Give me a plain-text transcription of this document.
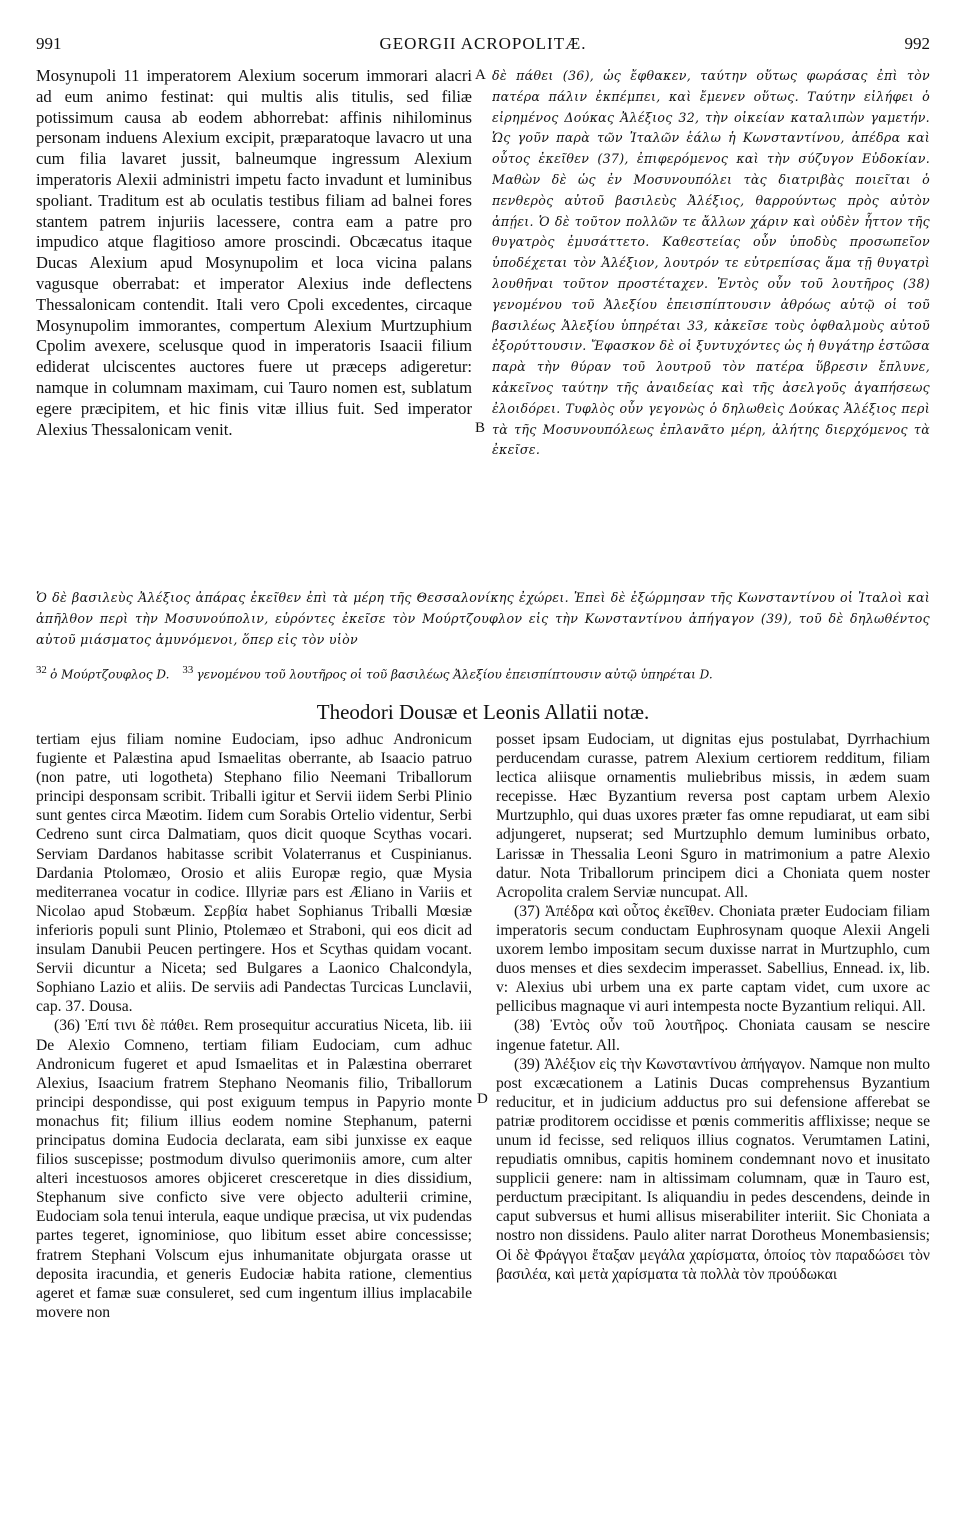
991	GEORGII ACROPOLITÆ.	992
Mosynupoli 11 imperatorem Alexium socerum immorari alacri ad eum animo festinat: qui multis alis titulis, sed filiæ potissimum causa ab eodem abhorrebat: affinis nihilominus personam induens Alexium excipit, præparatoque lavacro ut una cum filia lavaret jussit, balneumque ingressum Alexium imperatoris Alexii administri impetu facto invadunt et luminibus spoliant. Traditum est ab oculatis testibus filiam ad balnei fores stantem patrem injuriis lacessere, contra eam a patre pro impudico atque flagitioso amore proscindi. Obcæcatus itaque Ducas Alexium apud Mosynupolim et loca vicina palans vagusque oberrabat: et imperator Alexius inde deflectens Thessalonicam contendit. Itali vero Cpoli excedentes, circaque Mosynupolim immorantes, compertum Alexium Murtzuphium Cpolim avexere, scelusque quod in imperatoris Isaacii filium ediderat ulciscentes auctores fuere ut præceps adigeretur: namque in columnam maximam, cui Tauro nomen est, sublatum egere præcipitem, et hic finis vitæ illius fuit. Sed imperator Alexius Thessalonicam venit.
A
B
δὲ πάθει (36), ὡς ἔφθακεν, ταύτην οὕτως φωράσας ἐπὶ τὸν πατέρα πάλιν ἐκπέμπει, καὶ ἔμενεν οὕτως. Ταύτην εἰλήφει ὁ εἰρημένος Δούκας Ἀλέξιος 32, τὴν οἰκείαν καταλιπὼν γαμετήν. Ὡς γοῦν παρὰ τῶν Ἰταλῶν ἑάλω ἡ Κωνσταντίνου, ἀπέδρα καὶ οὗτος ἐκεῖθεν (37), ἐπιφερόμενος καὶ τὴν σύζυγον Εὐδοκίαν. Μαθὼν δὲ ὡς ἐν Μοσυνουπόλει τὰς διατριβὰς ποιεῖται ὁ πενθερὸς αὐτοῦ βασιλεὺς Ἀλέξιος, θαρρούντως πρὸς αὐτὸν ἀπῄει. Ὁ δὲ τοῦτον πολλῶν τε ἄλλων χάριν καὶ οὐδὲν ἧττον τῆς θυγατρὸς ἐμυσάττετο. Καθεστείας οὖν ὑποδὺς προσωπεῖον ὑποδέχεται τὸν Ἀλέξιον, λουτρόν τε εὐτρεπίσας ἅμα τῇ θυγατρὶ λουθῆναι τοῦτον προστέταχεν. Ἐντὸς οὖν τοῦ λουτῆρος (38) γενομένου τοῦ Ἀλεξίου ἐπεισπίπτουσιν ἀθρόως αὐτῷ οἱ τοῦ βασιλέως Ἀλεξίου ὑπηρέται 33, κἀκεῖσε τοὺς ὀφθαλμοὺς αὐτοῦ ἐξορύττουσιν. Ἔφασκον δὲ οἱ ξυντυχόντες ὡς ἡ θυγάτηρ ἑστῶσα παρὰ τὴν θύραν τοῦ λουτροῦ τὸν πατέρα ὕβρεσιν ἔπλυνε, κἀκεῖνος ταύτην τῆς ἀναιδείας καὶ τῆς ἀσελγοῦς ἀγαπήσεως ἐλοιδόρει. Τυφλὸς οὖν γεγονὼς ὁ δηλωθεὶς Δούκας Ἀλέξιος περὶ τὰ τῆς Μοσυνουπόλεως ἐπλανᾶτο μέρη, ἀλήτης διερχόμενος τὰ ἐκεῖσε.
Ὁ δὲ βασιλεὺς Ἀλέξιος ἀπάρας ἐκεῖθεν ἐπὶ τὰ μέρη τῆς Θεσσαλονίκης ἐχώρει. Ἐπεὶ δὲ ἐξώρμησαν τῆς Κωνσταντίνου οἱ Ἰταλοὶ καὶ ἀπῆλθον περὶ τὴν Μοσυνούπολιν, εὑρόντες ἐκεῖσε τὸν Μούρτζουφλον εἰς τὴν Κωνσταντίνου ἀπήγαγον (39), τοῦ δὲ δηλωθέντος αὐτοῦ μιάσματος ἀμυνόμενοι, ὅπερ εἰς τὸν υἱὸν
$^{32}$ ὁ Μούρτζουφλος D. $^{33}$ γενομένου τοῦ λουτῆρος οἱ τοῦ βασιλέως Ἀλεξίου ἐπεισπίπτουσιν αὐτῷ ὑπηρέται D.
Theodori Dousæ et Leonis Allatii notæ.

tertiam ejus filiam nomine Eudociam, ipso adhuc Andronicum fugiente et Palæstina apud Ismaelitas oberrante, ab Isaacio patruo (non patre, uti logotheta) Stephano filio Neemani Triballorum principi desponsam scribit. Triballi igitur et Servii iidem Serbi Plinio sunt gentes circa Mæotim. Iidem cum Sorabis Ortelio videntur, Serbi Cedreno sunt circa Dalmatiam, quos dicit quoque Scythas vocari. Serviam Dardanos habitasse scribit Volaterranus et Cuspinianus. Dardania Ptolomæo, Orosio et aliis Europæ regio, quæ Mysia mediterranea vocatur in codice. Illyriæ pars est Æliano in Variis et Nicolao apud Stobæum. Σερβία habet Sophianus Triballi Mœsiæ inferioris populi sunt Plinio, Ptolemæo et Straboni, qui eos dicit ad insulam Danubii Peucen pertingere. Hos et Scythas quidam vocant. Servii dicuntur a Niceta; sed Bulgares a Laonico Chalcondyla, Sophiano Lazio et aliis. De serviis adi Pandectas Turcicas Lunclavii, cap. 37. Dousa.

(36) Ἐπί τινι δὲ πάθει. Rem prosequitur accuratius Niceta, lib. iii De Alexio Comneno, tertiam filiam Eudociam, cum adhuc Andronicum fugeret et apud Ismaelitas et in Palæstina oberraret Alexius, Isaacium fratrem Stephano Neomanis filio, Triballorum principi despondisse, qui post exiguum tempus in Papyrio monte monachus fit; filium illius eodem nomine Stephanum, paterni principatus domina Eudocia declarata, eam sibi junxisse ex eaque filios suscepisse; postmodum divulso querimoniis amore, cum alter alteri incestuosos amores objiceret cresceretque in dies dissidium, Stephanum sive conficto sive vere objecto adulterii crimine, Eudociam sola tenui interula, eaque undique præcisa, ut vix pudendas partes tegeret, ignominiose, quo libitum esset abire concessisse; fratrem Stephani Volscum ejus inhumanitate objurgata orasse ut deposita iracundia, et generis Eudociæ habita ratione, clementius ageret et famæ suæ consuleret, sed cum ingentum illius implacabile movere non

D

posset ipsam Eudociam, ut dignitas ejus postulabat, Dyrrhachium perducendam curasse, patrem Alexium certiorem redditum, filiam lectica aliisque ornamentis muliebribus missis, in ædem suam recepisse. Hæc Byzantium reversa post captam urbem Alexio Murtzuphlo, qui duas uxores præter fas omne repudiarat, ut eam sibi adjungeret, nupserat; sed Murtzuphlo demum luminibus orbato, Larissæ in Thessalia Leoni Sguro in matrimonium a patre Alexio datur. Nota Triballorum principem dici a Choniata quem noster Acropolita cralem Serviæ nuncupat. All.

(37) Ἀπέδρα καὶ οὗτος ἐκεῖθεν. Choniata præter Eudociam filiam imperatoris secum conductam Euphrosynam quoque Alexii Angeli uxorem lembo impositam secum duxisse narrat in Murtzuphlo, cum duos menses et dies sexdecim imperasset. Sabellius, Ennead. ix, lib. v: Alexius ubi urbem una ex parte captam videt, cum uxore ac pellicibus magnaque vi auri intempesta nocte Byzantium reliqui. All.

(38) Ἐντὸς οὖν τοῦ λουτῆρος. Choniata causam se nescire ingenue fatetur. All.

(39) Ἀλέξιον εἰς τὴν Κωνσταντίνου ἀπήγαγον. Namque non multo post excæcationem a Latinis Ducas comprehensus Byzantium reducitur, et in judicium adductus pro sui defensione afferebat se patriæ proditorem occidisse et pœnis commeritis afflixisse; neque se unum id fecisse, sed reliquos illius cognatos. Verumtamen Latini, repudiatis omnibus, capitis hominem condemnant novo et inusitato supplicii genere: nam in altissimam columnam, quæ in Tauro est, perductum præcipitant. Is aliquandiu in pedes descendens, deinde in caput subversus et humi allisus miserabiliter interiit. Sic Choniata a nostro non dissidens. Paulo aliter narrat Dorotheus Monembasiensis; Οἱ δὲ Φράγγοι ἔταξαν μεγάλα χαρίσματα, ὁποίος τὸν παραδώσει τὸν βασιλέα, καὶ μετὰ χαρίσματα τὰ πολλὰ τὸν προύδωκαι
